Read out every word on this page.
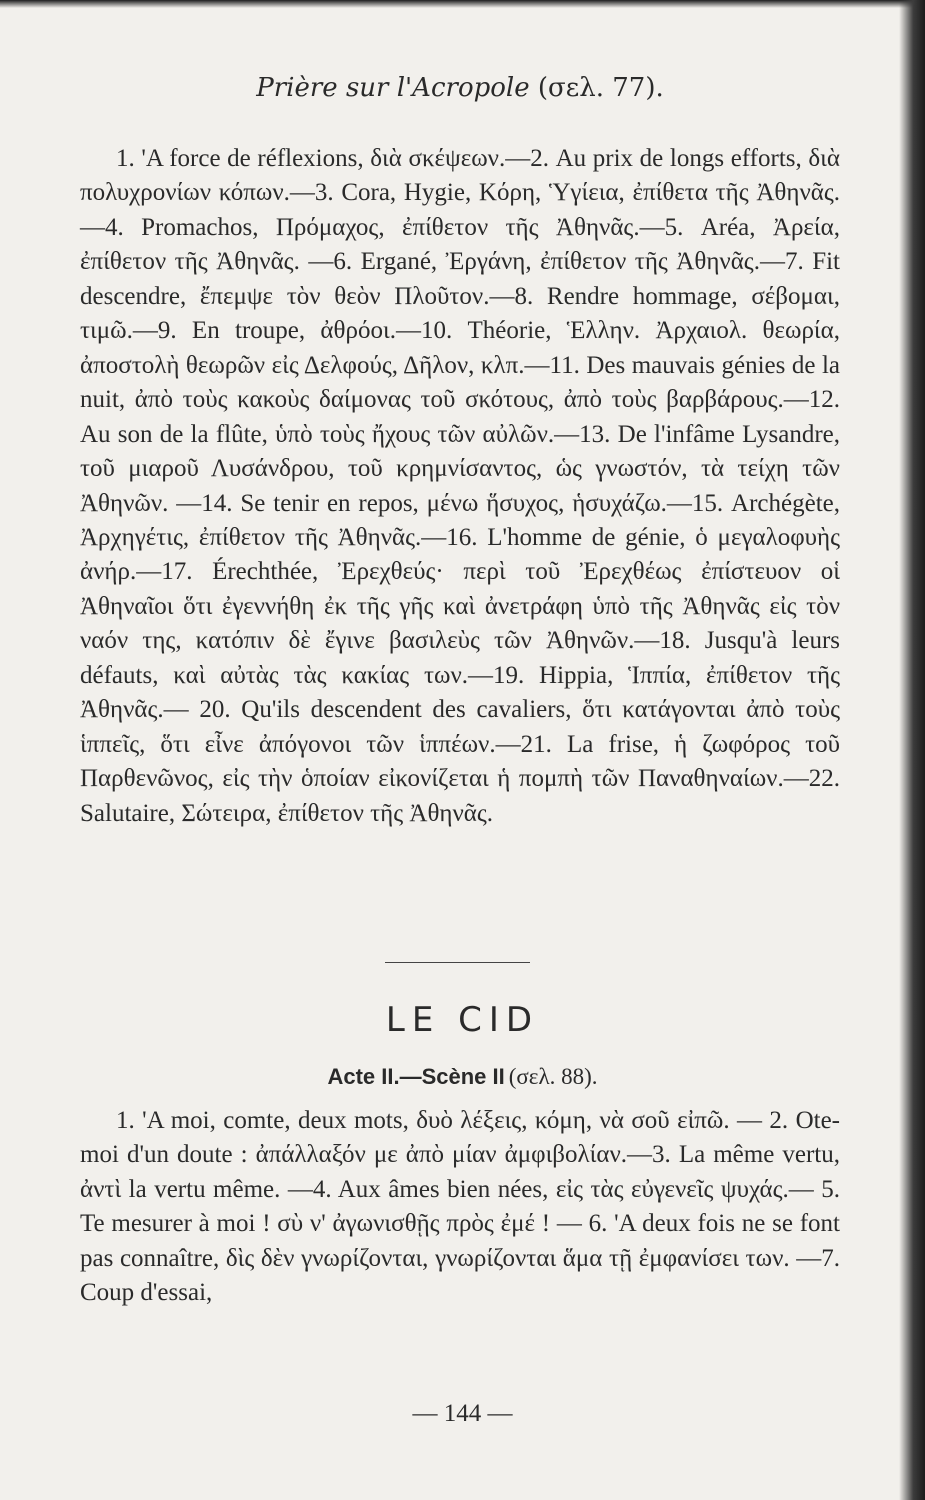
Prière sur l'Acropole (σελ. 77).
1. 'A force de réflexions, διὰ σκέψεων.—2. Au prix de longs efforts, διὰ πολυχρονίων κόπων.—3. Cora, Hygie, Κόρη, Ὑγίεια, ἐπίθετα τῆς Ἀθηνᾶς.—4. Promachos, Πρόμαχος, ἐπίθετον τῆς Ἀθηνᾶς.—5. Aréa, Ἀρεία, ἐπίθετον τῆς Ἀθηνᾶς. —6. Ergané, Ἐργάνη, ἐπίθετον τῆς Ἀθηνᾶς.—7. Fit descendre, ἔπεμψε τὸν θεὸν Πλοῦτον.—8. Rendre hommage, σέβομαι, τιμῶ.—9. En troupe, ἀθρόοι.—10. Théorie, Ἑλλην. Ἀρχαιολ. θεωρία, ἀποστολὴ θεωρῶν εἰς Δελφούς, Δῆλον, κλπ.—11. Des mauvais génies de la nuit, ἀπὸ τοὺς κακοὺς δαίμονας τοῦ σκότους, ἀπὸ τοὺς βαρβάρους.—12. Au son de la flûte, ὑπὸ τοὺς ἤχους τῶν αὐλῶν.—13. De l'infâme Lysandre, τοῦ μιαροῦ Λυσάνδρου, τοῦ κρημνίσαντος, ὡς γνωστόν, τὰ τείχη τῶν Ἀθηνῶν. —14. Se tenir en repos, μένω ἥσυχος, ἡσυχάζω.—15. Archégète, Ἀρχηγέτις, ἐπίθετον τῆς Ἀθηνᾶς.—16. L'homme de génie, ὁ μεγαλοφυὴς ἀνήρ.—17. Érechthée, Ἐρεχθεύς· περὶ τοῦ Ἐρεχθέως ἐπίστευον οἱ Ἀθηναῖοι ὅτι ἐγεννήθη ἐκ τῆς γῆς καὶ ἀνετράφη ὑπὸ τῆς Ἀθηνᾶς εἰς τὸν ναόν της, κατόπιν δὲ ἔγινε βασιλεὺς τῶν Ἀθηνῶν.—18. Jusqu'à leurs défauts, καὶ αὐτὰς τὰς κακίας των.—19. Hippia, Ἱππία, ἐπίθετον τῆς Ἀθηνᾶς.— 20. Qu'ils descendent des cavaliers, ὅτι κατάγονται ἀπὸ τοὺς ἱππεῖς, ὅτι εἶνε ἀπόγονοι τῶν ἱππέων.—21. La frise, ἡ ζωφόρος τοῦ Παρθενῶνος, εἰς τὴν ὁποίαν εἰκονίζεται ἡ πομπὴ τῶν Παναθηναίων.—22. Salutaire, Σώτειρα, ἐπίθετον τῆς Ἀθηνᾶς.
LE CID
Acte II.—Scène II (σελ. 88).
1. 'A moi, comte, deux mots, δυὸ λέξεις, κόμη, νὰ σοῦ εἰπῶ. — 2. Ote-moi d'un doute : ἀπάλλαξόν με ἀπὸ μίαν ἀμφιβολίαν.—3. La même vertu, ἀντὶ la vertu même. —4. Aux âmes bien nées, εἰς τὰς εὐγενεῖς ψυχάς.— 5. Te mesurer à moi ! σὺ ν' ἀγωνισθῇς πρὸς ἐμέ ! — 6. 'A deux fois ne se font pas connaître, δὶς δὲν γνωρίζονται, γνωρίζονται ἅμα τῇ ἐμφανίσει των. —7. Coup d'essai,
— 144 —
